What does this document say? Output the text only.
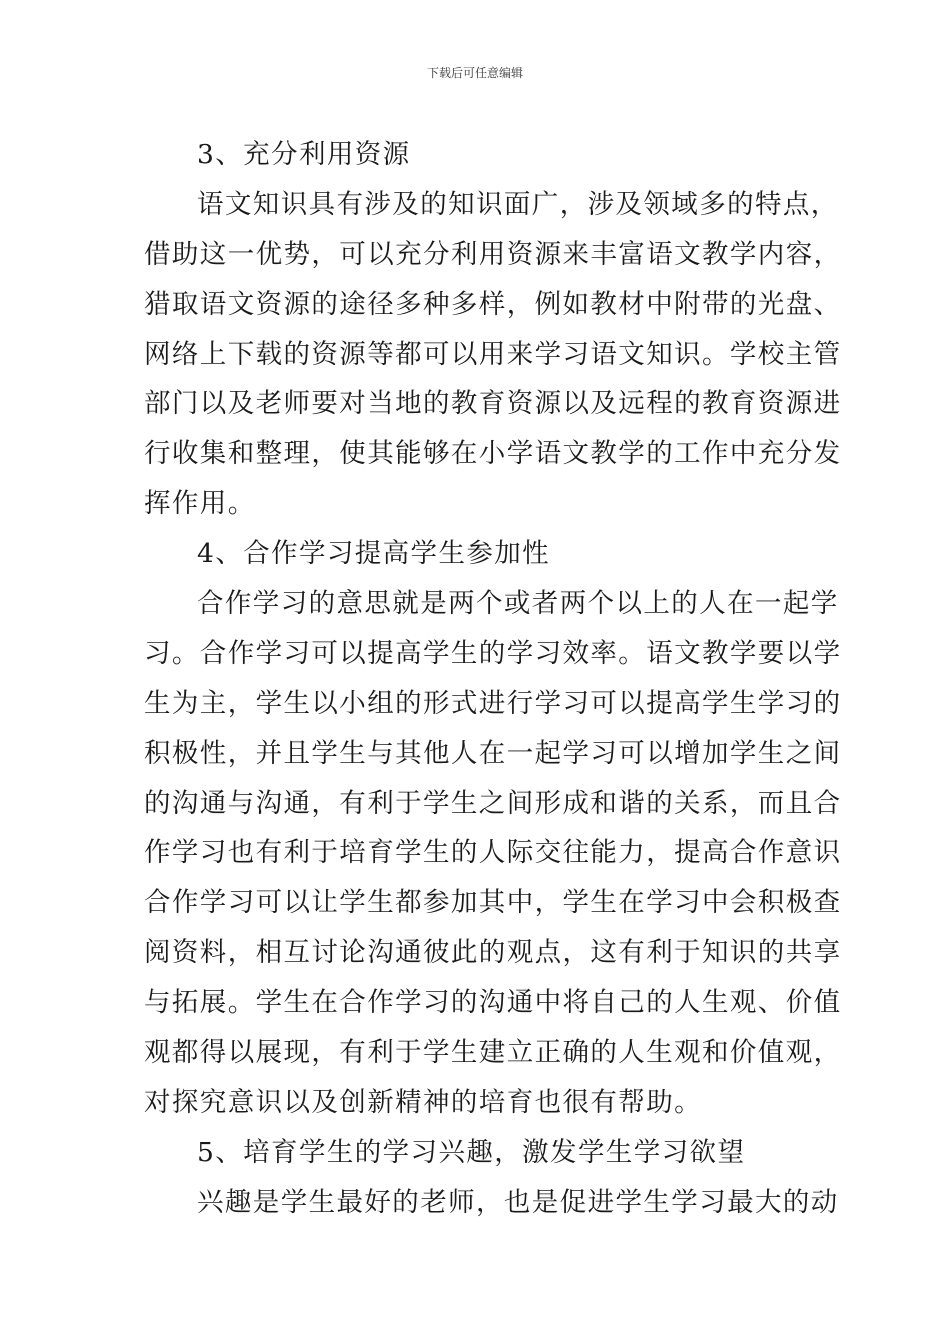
下载后可任意编辑
3、充分利用资源
语文知识具有涉及的知识面广，涉及领域多的特点，
借助这一优势，可以充分利用资源来丰富语文教学内容，
猎取语文资源的途径多种多样，例如教材中附带的光盘、
网络上下载的资源等都可以用来学习语文知识。学校主管
部门以及老师要对当地的教育资源以及远程的教育资源进
行收集和整理，使其能够在小学语文教学的工作中充分发
挥作用。
4、合作学习提高学生参加性
合作学习的意思就是两个或者两个以上的人在一起学
习。合作学习可以提高学生的学习效率。语文教学要以学
生为主，学生以小组的形式进行学习可以提高学生学习的
积极性，并且学生与其他人在一起学习可以增加学生之间
的沟通与沟通，有利于学生之间形成和谐的关系，而且合
作学习也有利于培育学生的人际交往能力，提高合作意识
合作学习可以让学生都参加其中，学生在学习中会积极查
阅资料，相互讨论沟通彼此的观点，这有利于知识的共享
与拓展。学生在合作学习的沟通中将自己的人生观、价值
观都得以展现，有利于学生建立正确的人生观和价值观，
对探究意识以及创新精神的培育也很有帮助。
5、培育学生的学习兴趣，激发学生学习欲望
兴趣是学生最好的老师，也是促进学生学习最大的动
